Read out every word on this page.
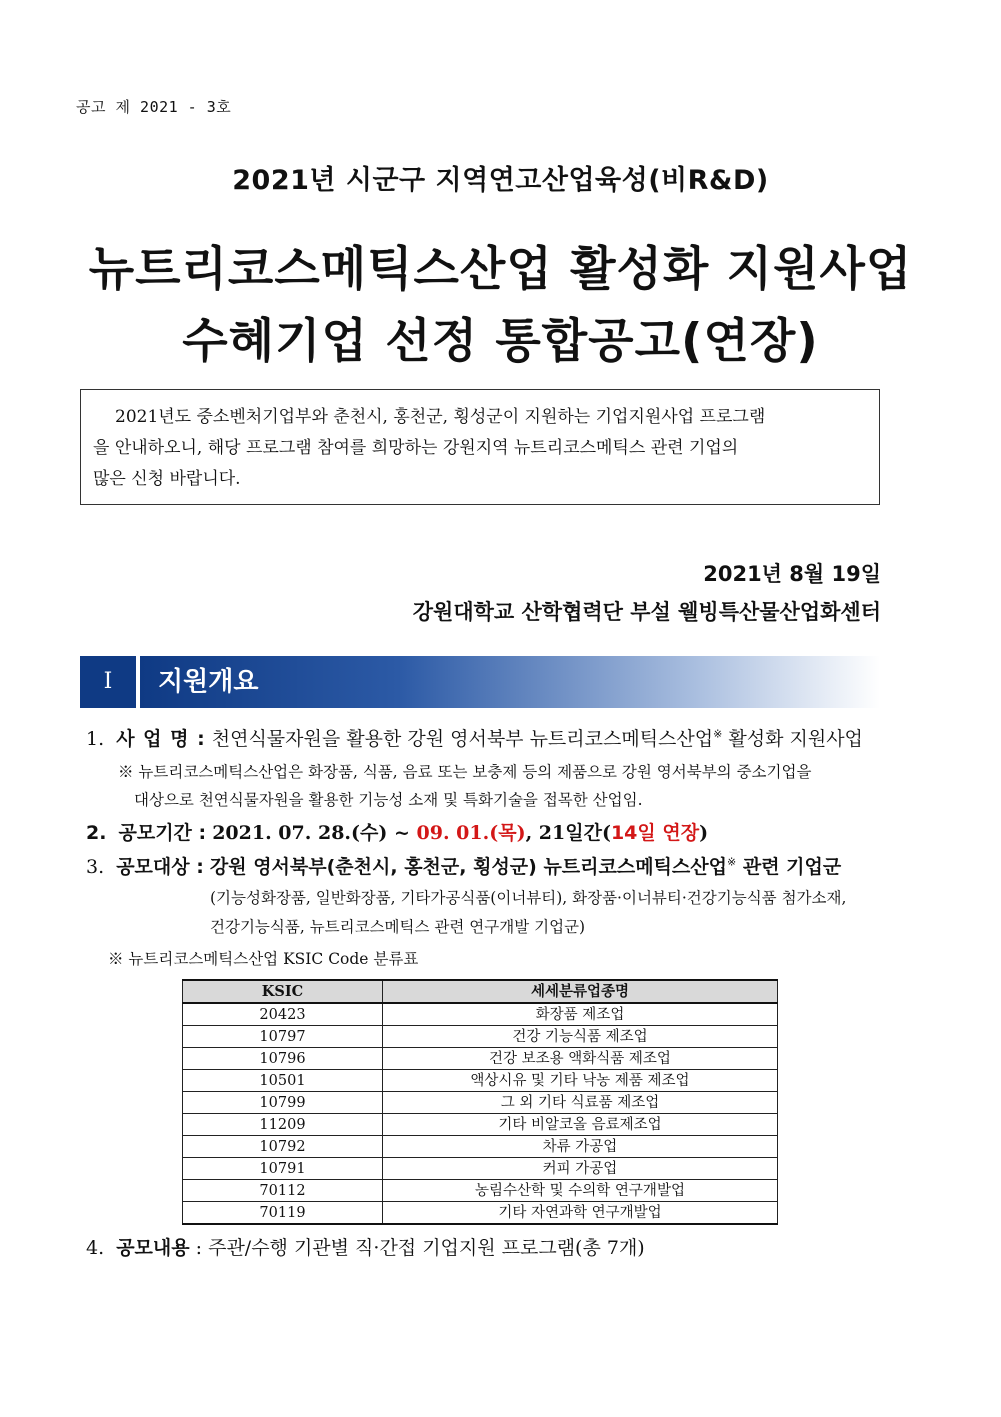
공고 제 2021 - 3호
2021년 시군구 지역연고산업육성(비R&D)
뉴트리코스메틱스산업 활성화 지원사업
수혜기업 선정 통합공고(연장)
2021년도 중소벤처기업부와 춘천시, 홍천군, 횡성군이 지원하는 기업지원사업 프로그램
을 안내하오니, 해당 프로그램 참여를 희망하는 강원지역 뉴트리코스메틱스 관련 기업의
많은 신청 바랍니다.
2021년 8월 19일
강원대학교 산학협력단 부설 웰빙특산물산업화센터
Ⅰ	지원개요
1. 사 업 명 : 천연식물자원을 활용한 강원 영서북부 뉴트리코스메틱스산업※ 활성화 지원사업
※ 뉴트리코스메틱스산업은 화장품, 식품, 음료 또는 보충제 등의 제품으로 강원 영서북부의 중소기업을
대상으로 천연식물자원을 활용한 기능성 소재 및 특화기술을 접목한 산업임.
2. 공모기간 : 2021. 07. 28.(수) ~ 09. 01.(목), 21일간(14일 연장)
3. 공모대상 : 강원 영서북부(춘천시, 홍천군, 횡성군) 뉴트리코스메틱스산업※ 관련 기업군
(기능성화장품, 일반화장품, 기타가공식품(이너뷰티), 화장품·이너뷰티·건강기능식품 첨가소재,
건강기능식품, 뉴트리코스메틱스 관련 연구개발 기업군)
※ 뉴트리코스메틱스산업 KSIC Code 분류표
KSIC	세세분류업종명
20423	화장품 제조업
10797	건강 기능식품 제조업
10796	건강 보조용 액화식품 제조업
10501	액상시유 및 기타 낙농 제품 제조업
10799	그 외 기타 식료품 제조업
11209	기타 비알코올 음료제조업
10792	차류 가공업
10791	커피 가공업
70112	농림수산학 및 수의학 연구개발업
70119	기타 자연과학 연구개발업
4. 공모내용 : 주관/수행 기관별 직·간접 기업지원 프로그램(총 7개)
